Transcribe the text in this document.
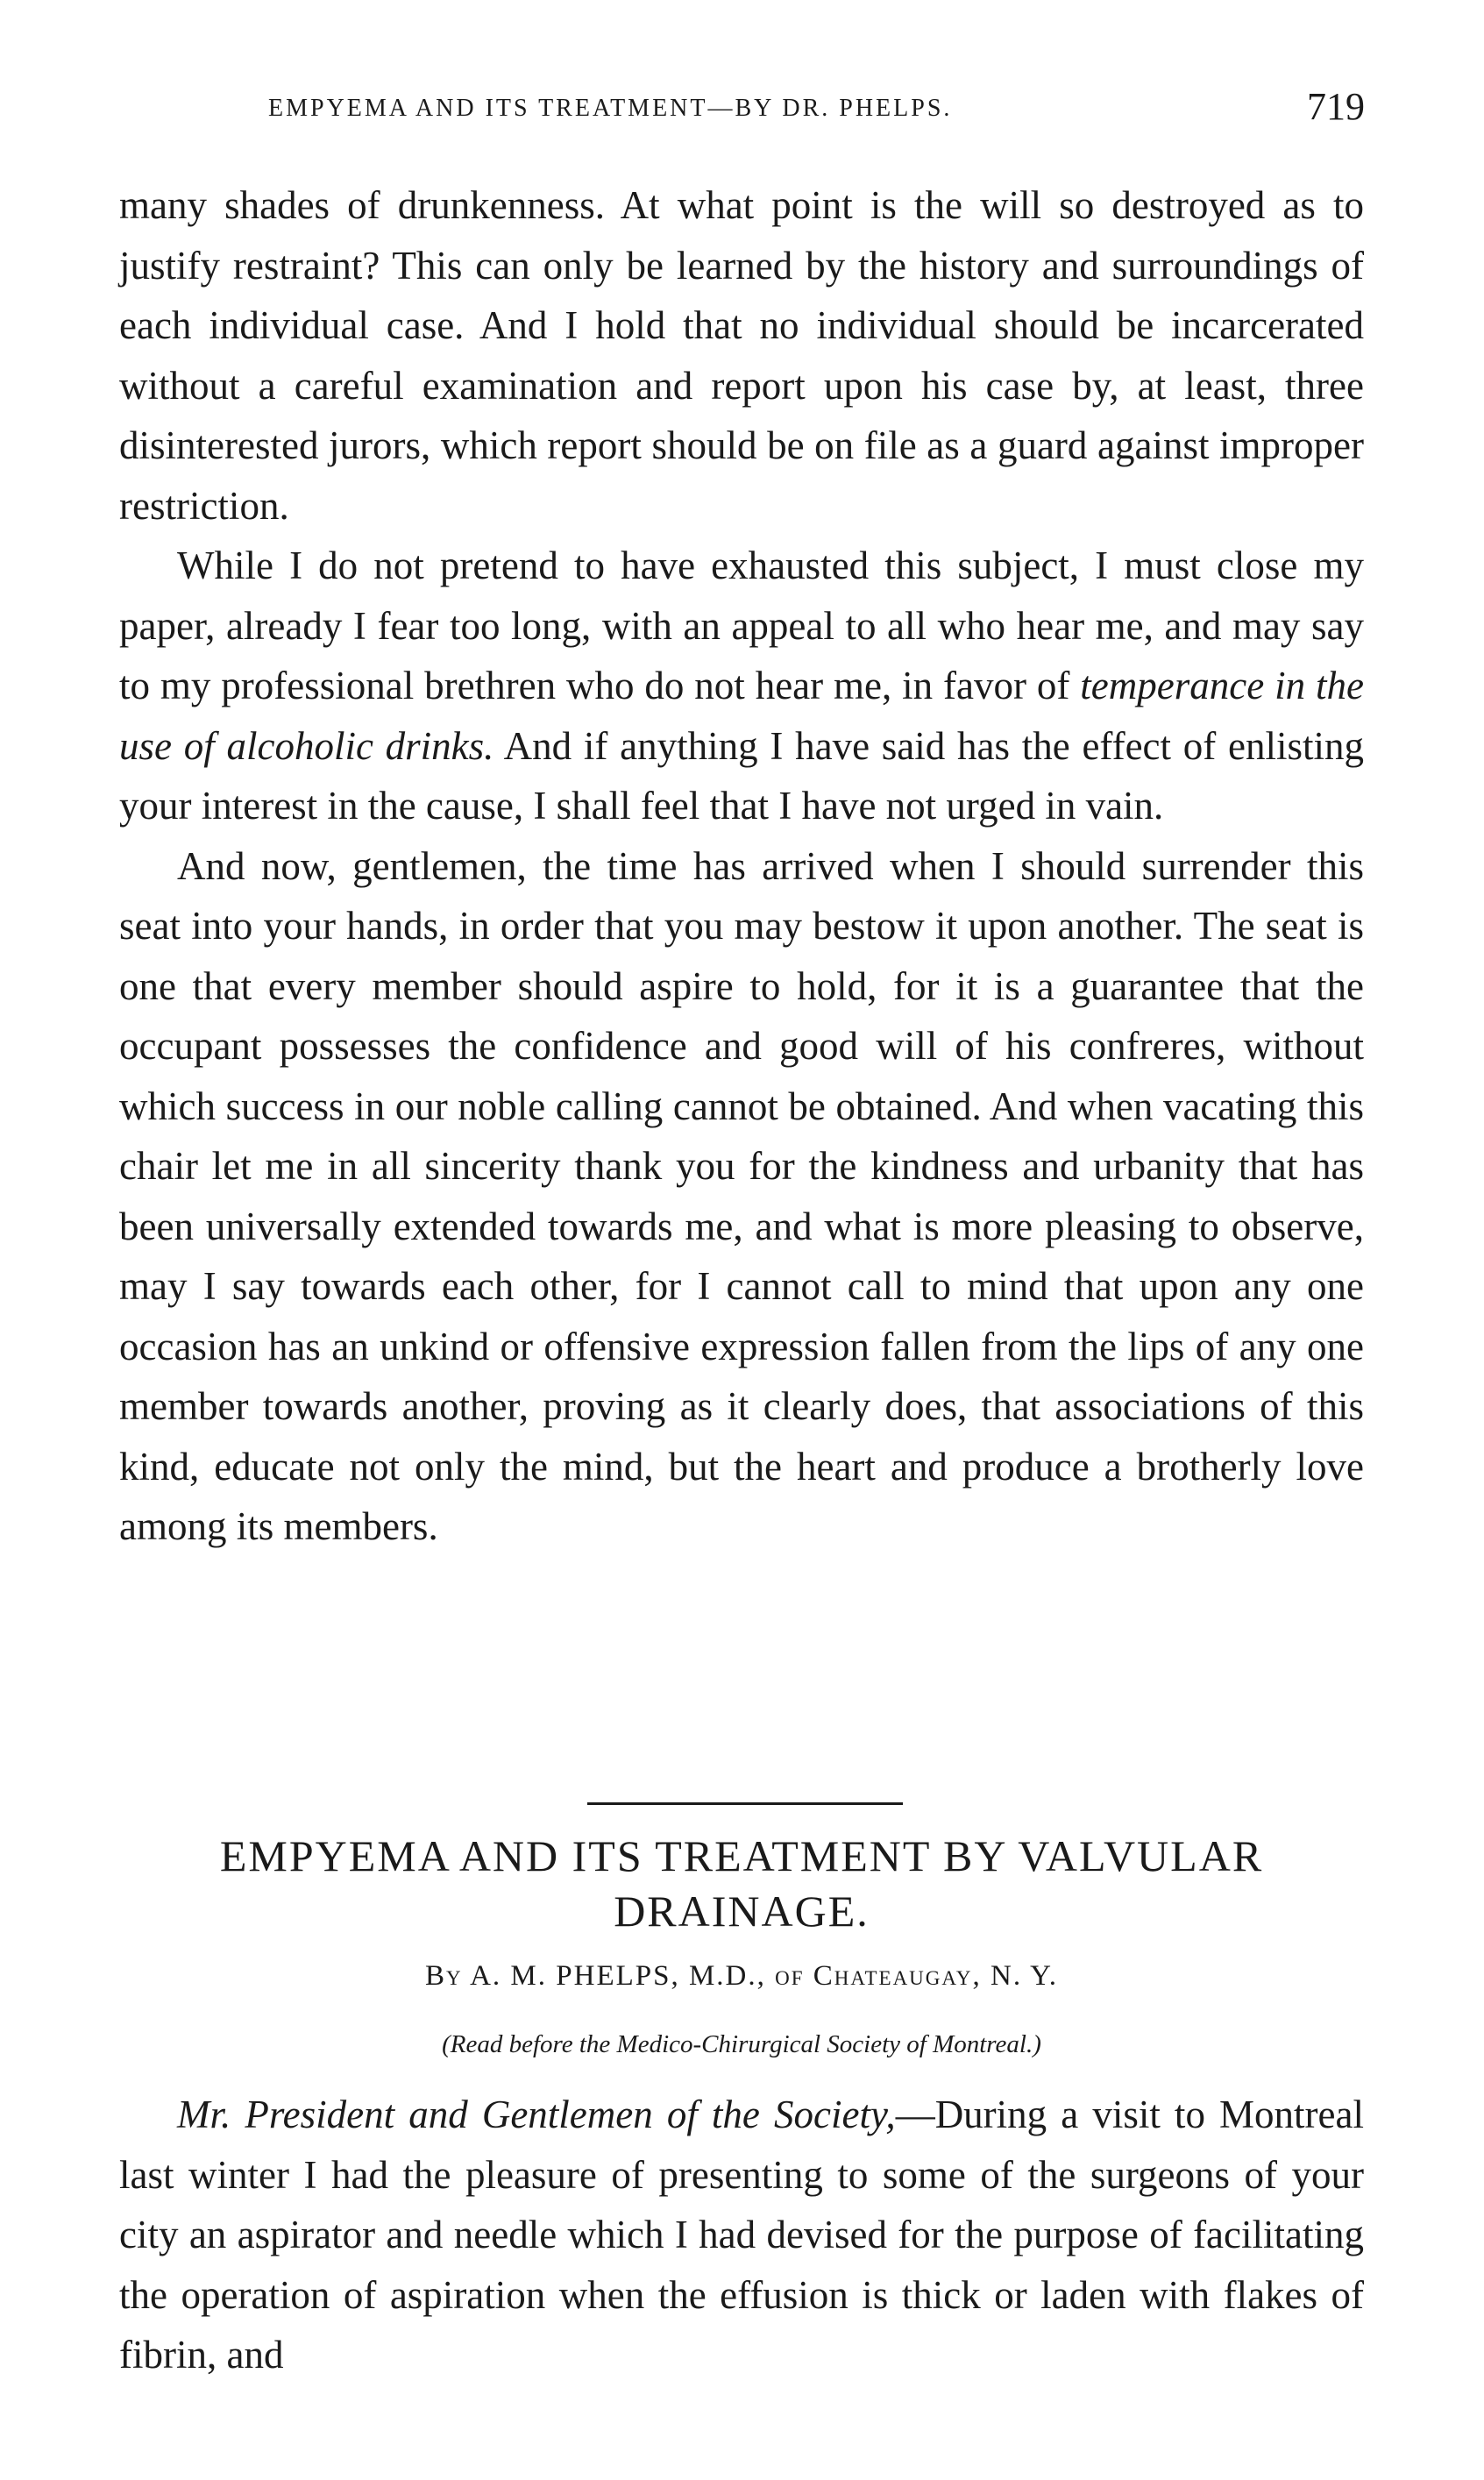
EMPYEMA AND ITS TREATMENT—BY DR. PHELPS.	719

many shades of drunkenness. At what point is the will so destroyed as to justify restraint? This can only be learned by the history and surroundings of each individual case. And I hold that no individual should be incarcerated without a careful examination and report upon his case by, at least, three disinterested jurors, which report should be on file as a guard against improper restriction.

While I do not pretend to have exhausted this subject, I must close my paper, already I fear too long, with an appeal to all who hear me, and may say to my professional brethren who do not hear me, in favor of temperance in the use of alcoholic drinks. And if anything I have said has the effect of enlisting your interest in the cause, I shall feel that I have not urged in vain.

And now, gentlemen, the time has arrived when I should surrender this seat into your hands, in order that you may bestow it upon another. The seat is one that every member should aspire to hold, for it is a guarantee that the occupant possesses the confidence and good will of his confreres, without which success in our noble calling cannot be obtained. And when vacating this chair let me in all sincerity thank you for the kindness and urbanity that has been universally extended towards me, and what is more pleasing to observe, may I say towards each other, for I cannot call to mind that upon any one occasion has an unkind or offensive expression fallen from the lips of any one member towards another, proving as it clearly does, that associations of this kind, educate not only the mind, but the heart and produce a brotherly love among its members.

EMPYEMA AND ITS TREATMENT BY VALVULAR DRAINAGE.
By A. M. PHELPS, M.D., of Chateaugay, N. Y.
(Read before the Medico-Chirurgical Society of Montreal.)

Mr. President and Gentlemen of the Society,—During a visit to Montreal last winter I had the pleasure of presenting to some of the surgeons of your city an aspirator and needle which I had devised for the purpose of facilitating the operation of aspiration when the effusion is thick or laden with flakes of fibrin, and
